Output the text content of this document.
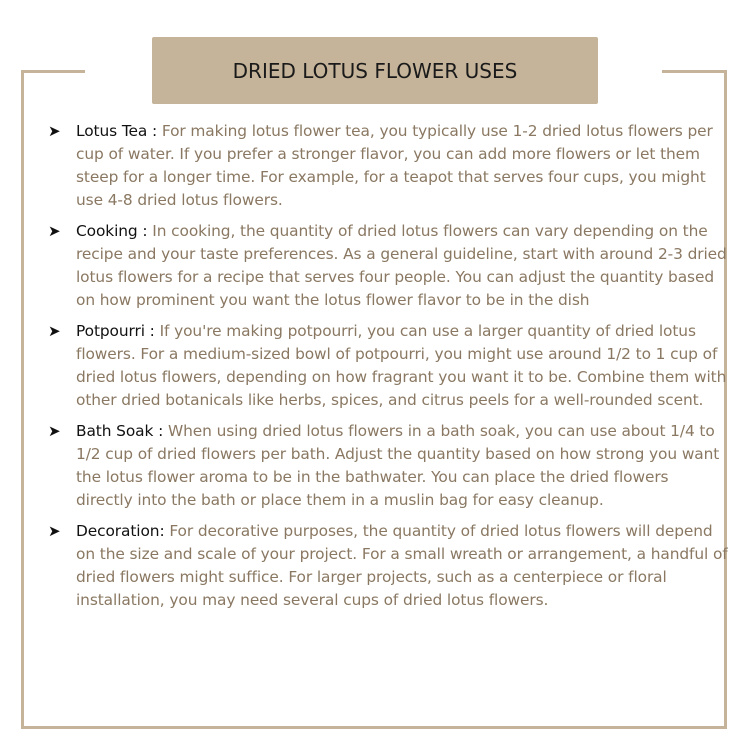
DRIED LOTUS FLOWER USES
➤	Lotus Tea : For making lotus flower tea, you typically use 1-2 dried lotus flowers per cup of water. If you prefer a stronger flavor, you can add more flowers or let them steep for a longer time. For example, for a teapot that serves four cups, you might use 4-8 dried lotus flowers.
➤	Cooking : In cooking, the quantity of dried lotus flowers can vary depending on the recipe and your taste preferences. As a general guideline, start with around 2-3 dried lotus flowers for a recipe that serves four people. You can adjust the quantity based on how prominent you want the lotus flower flavor to be in the dish
➤	Potpourri : If you're making potpourri, you can use a larger quantity of dried lotus flowers. For a medium-sized bowl of potpourri, you might use around 1/2 to 1 cup of dried lotus flowers, depending on how fragrant you want it to be. Combine them with other dried botanicals like herbs, spices, and citrus peels for a well-rounded scent.
➤	Bath Soak : When using dried lotus flowers in a bath soak, you can use about 1/4 to 1/2 cup of dried flowers per bath. Adjust the quantity based on how strong you want the lotus flower aroma to be in the bathwater. You can place the dried flowers directly into the bath or place them in a muslin bag for easy cleanup.
➤	Decoration: For decorative purposes, the quantity of dried lotus flowers will depend on the size and scale of your project. For a small wreath or arrangement, a handful of dried flowers might suffice. For larger projects, such as a centerpiece or floral installation, you may need several cups of dried lotus flowers.
